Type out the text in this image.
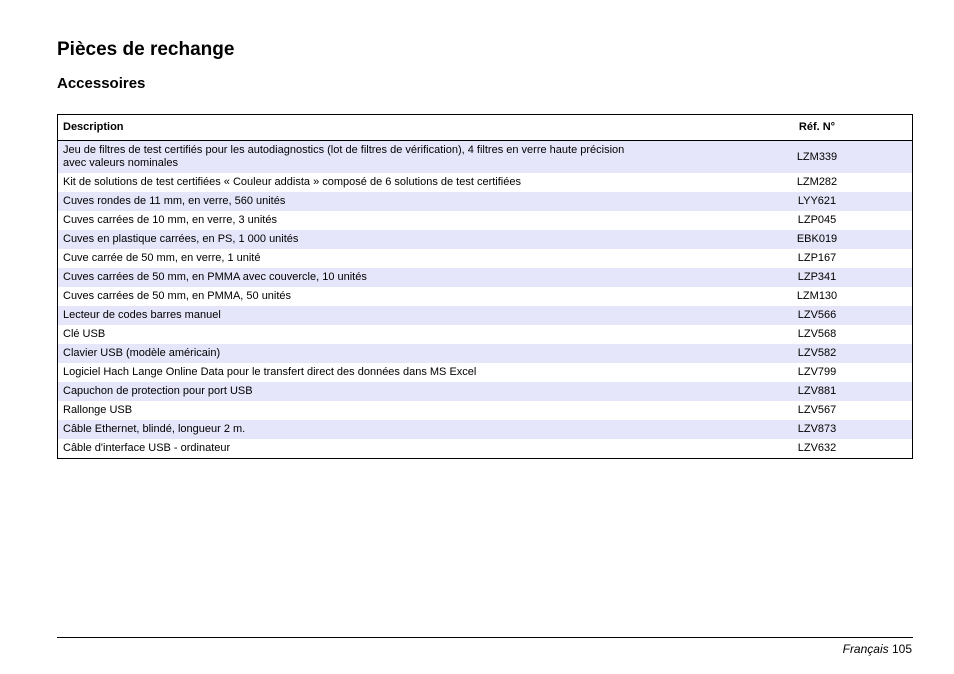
Pièces de rechange
Accessoires
Description	Réf. N°
Jeu de filtres de test certifiés pour les autodiagnostics (lot de filtres de vérification), 4 filtres en verre haute précision avec valeurs nominales	LZM339
Kit de solutions de test certifiées « Couleur addista » composé de 6 solutions de test certifiées	LZM282
Cuves rondes de 11 mm, en verre, 560 unités	LYY621
Cuves carrées de 10 mm, en verre, 3 unités	LZP045
Cuves en plastique carrées, en PS, 1 000 unités	EBK019
Cuve carrée de 50 mm, en verre, 1 unité	LZP167
Cuves carrées de 50 mm, en PMMA avec couvercle, 10 unités	LZP341
Cuves carrées de 50 mm, en PMMA, 50 unités	LZM130
Lecteur de codes barres manuel	LZV566
Clé USB	LZV568
Clavier USB (modèle américain)	LZV582
Logiciel Hach Lange Online Data pour le transfert direct des données dans MS Excel	LZV799
Capuchon de protection pour port USB	LZV881
Rallonge USB	LZV567
Câble Ethernet, blindé, longueur 2 m.	LZV873
Câble d'interface USB - ordinateur	LZV632
Français 105
